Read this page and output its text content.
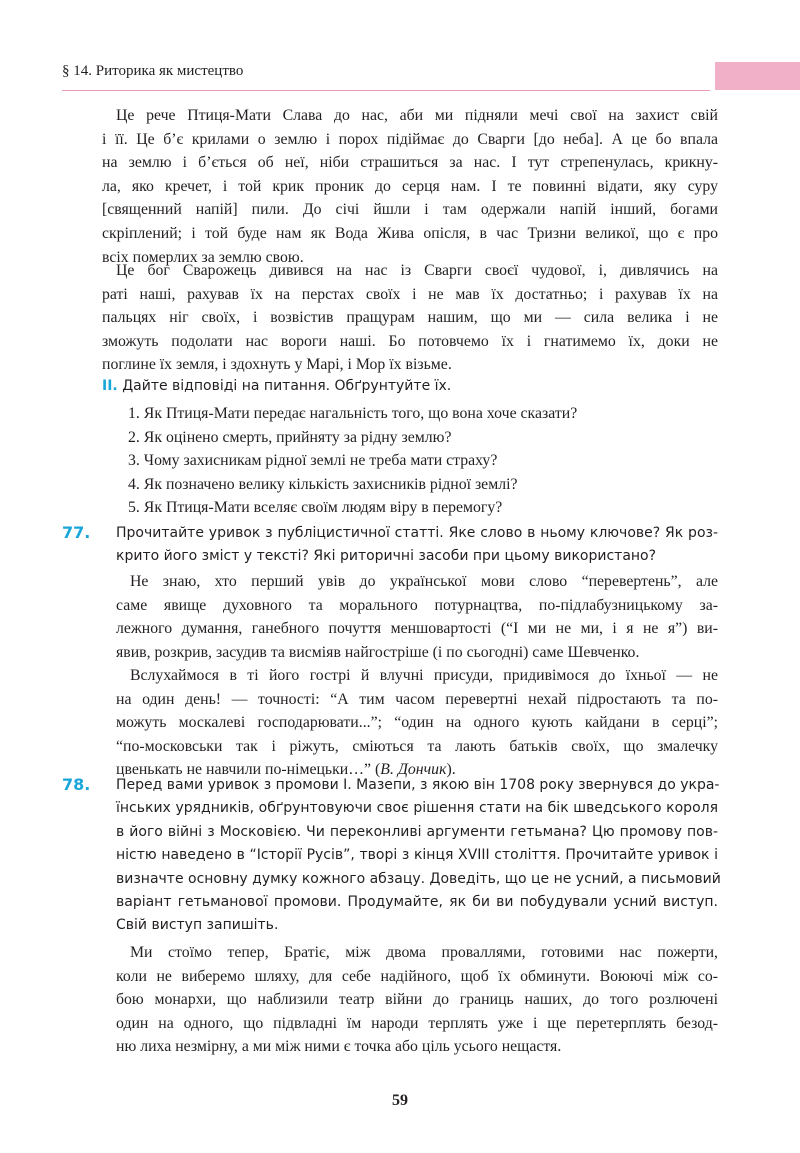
§ 14. Риторика як мистецтво
Це рече Птиця-Мати Слава до нас, аби ми підняли мечі свої на захист свій
і її. Це б’є крилами о землю і порох підіймає до Сварги [до неба]. А це бо впала
на землю і б’ється об неї, ніби страшиться за нас. І тут стрепенулась, крикну-
ла, яко кречет, і той крик проник до серця нам. І те повинні відати, яку суру
[священний напій] пили. До січі йшли і там одержали напій інший, богами
скріплений; і той буде нам як Вода Жива опісля, в час Тризни великої, що є про
всіх померлих за землю свою.
Це бог Сварожець дивився на нас із Сварги своєї чудової, і, дивлячись на
раті наші, рахував їх на перстах своїх і не мав їх достатньо; і рахував їх на
пальцях ніг своїх, і возвістив пращурам нашим, що ми — сила велика і не
зможуть подолати нас вороги наші. Бо потовчемо їх і гнатимемо їх, доки не
поглине їх земля, і здохнуть у Марі, і Мор їх візьме.
ІІ. Дайте відповіді на питання. Обґрунтуйте їх.
1. Як Птиця-Мати передає нагальність того, що вона хоче сказати?
2. Як оцінено смерть, прийняту за рідну землю?
3. Чому захисникам рідної землі не треба мати страху?
4. Як позначено велику кількість захисників рідної землі?
5. Як Птиця-Мати вселяє своїм людям віру в перемогу?
77. Прочитайте уривок з публіцистичної статті. Яке слово в ньому ключове? Як роз-
крито його зміст у тексті? Які риторичні засоби при цьому використано?
Не знаю, хто перший увів до української мови слово “перевертень”, але
саме явище духовного та морального потурнацтва, по-підлабузницькому за-
лежного думання, ганебного почуття меншовартості (“І ми не ми, і я не я”) ви-
явив, розкрив, засудив та висміяв найгостріше (і по сьогодні) саме Шевченко.
Вслухаймося в ті його гострі й влучні присуди, придивімося до їхньої — не
на один день! — точності: “А тим часом перевертні нехай підростають та по-
можуть москалеві господарювати...”; “один на одного кують кайдани в серці”;
“по-московськи так і ріжуть, сміються та лають батьків своїх, що змалечку
цвенькать не навчили по-німецьки…” (В. Дончик).
78. Перед вами уривок з промови І. Мазепи, з якою він 1708 року звернувся до укра-
їнських урядників, обґрунтовуючи своє рішення стати на бік шведського короля
в його війні з Московією. Чи переконливі аргументи гетьмана? Цю промову пов-
ністю наведено в “Історії Русів”, творі з кінця XVIII століття. Прочитайте уривок і
визначте основну думку кожного абзацу. Доведіть, що це не усний, а письмовий
варіант гетьманової промови. Продумайте, як би ви побудували усний виступ.
Свій виступ запишіть.
Ми стоїмо тепер, Братіє, між двома проваллями, готовими нас пожерти,
коли не виберемо шляху, для себе надійного, щоб їх обминути. Воюючі між со-
бою монархи, що наблизили театр війни до границь наших, до того розлючені
один на одного, що підвладні їм народи терплять уже і ще перетерплять безод-
ню лиха незмірну, а ми між ними є точка або ціль усього нещастя.
59
